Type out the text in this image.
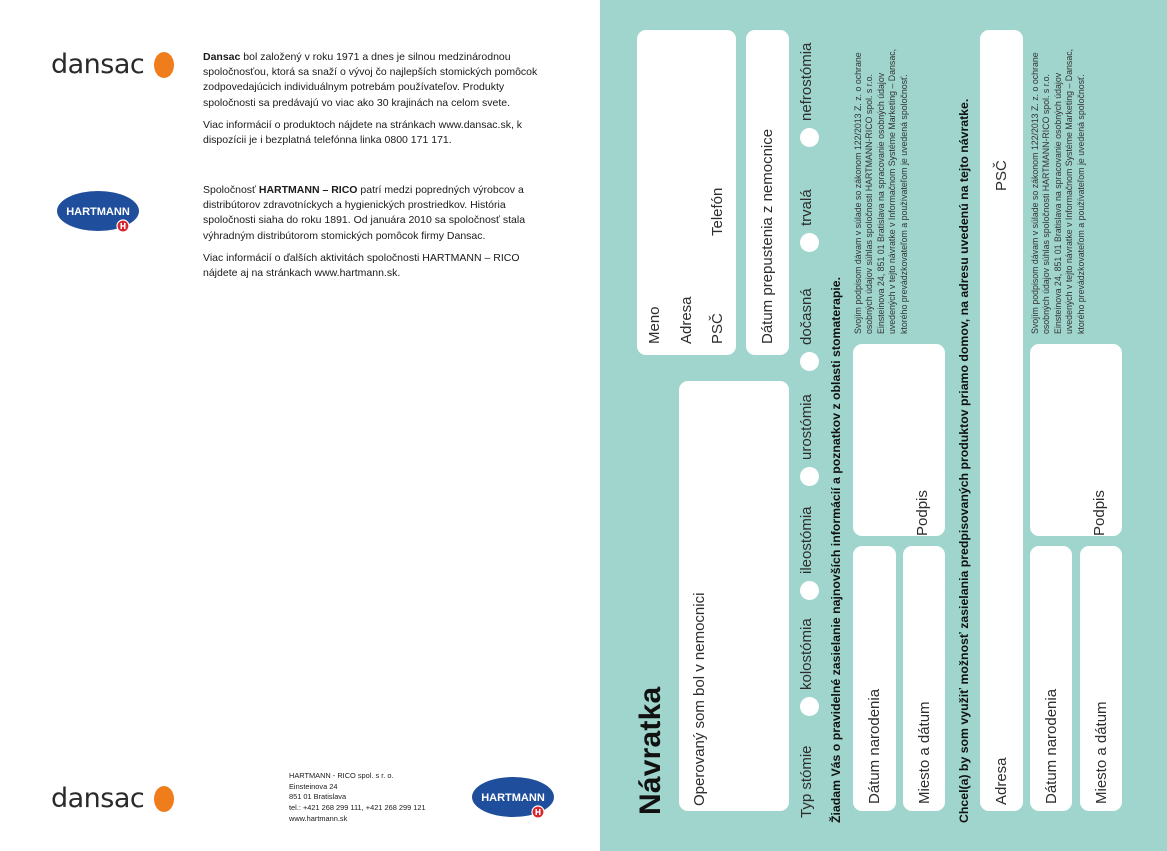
dansac	Dansac bol založený v roku 1971 a dnes je silnou medzinárodnou spoločnosťou, ktorá sa snaží o vývoj čo najlepších stomických pomôcok zodpovedajúcich individuálnym potrebám používateľov. Produkty spoločnosti sa predávajú vo viac ako 30 krajinách na celom svete.

Viac informácií o produktoch nájdete na stránkach www.dansac.sk, k dispozícii je i bezplatná telefónna linka 0800 171 171.

HARTMANN

Spoločnosť HARTMANN – RICO patrí medzi popredných výrobcov a distribútorov zdravotníckych a hygienických prostriedkov. História spoločnosti siaha do roku 1891. Od januára 2010 sa spoločnosť stala výhradným distribútorom stomických pomôcok firmy Dansac.

Viac informácií o ďalších aktivitách spoločnosti HARTMANN – RICO nájdete aj na stránkach www.hartmann.sk.

dansac
HARTMANN - RICO spol. s r. o.
Einsteinova 24
851 01 Bratislava
tel.: +421 268 299 111, +421 268 299 121
www.hartmann.sk
HARTMANN	Návratka
Meno Adresa PSČ
Telefón Dátum prepustenia z nemocnice
Operovaný som bol v nemocnici	Typ stómie
kolostómia
ileostómia
urostómia
dočasná
trvalá
nefrostómia
Žiadam Vás o pravidelné zasielanie najnovších informácií a poznatkov z oblasti stomaterapie.
Svojím podpisom dávam v súlade so zákonom 122/2013 Z. z. o ochrane osobných údajov súhlas spoločnosti HARTMANN-RICO spol. s r.o. Einsteinova 24, 851 01 Bratislava na spracovanie osobných údajov uvedených v tejto návratke v Informačnom Systéme Marketing – Dansac, ktorého prevádzkovateľom a používateľom je uvedená spoločnosť.
Podpis
Dátum narodenia Miesto a dátum Chcel(a) by som využiť možnosť zasielania predpisovaných produktov priamo domov, na adresu uvedenú na tejto návratke. Adresa
PSČ Svojím podpisom dávam v súlade so zákonom 122/2013 Z. z. o ochrane osobných údajov súhlas spoločnosti HARTMANN-RICO spol. s r.o. Einsteinova 24, 851 01 Bratislava na spracovanie osobných údajov uvedených v tejto návratke v Informačnom Systéme Marketing – Dansac, ktorého prevádzkovateľom a používateľom je uvedená spoločnosť.
Podpis
Dátum narodenia Miesto a dátum
